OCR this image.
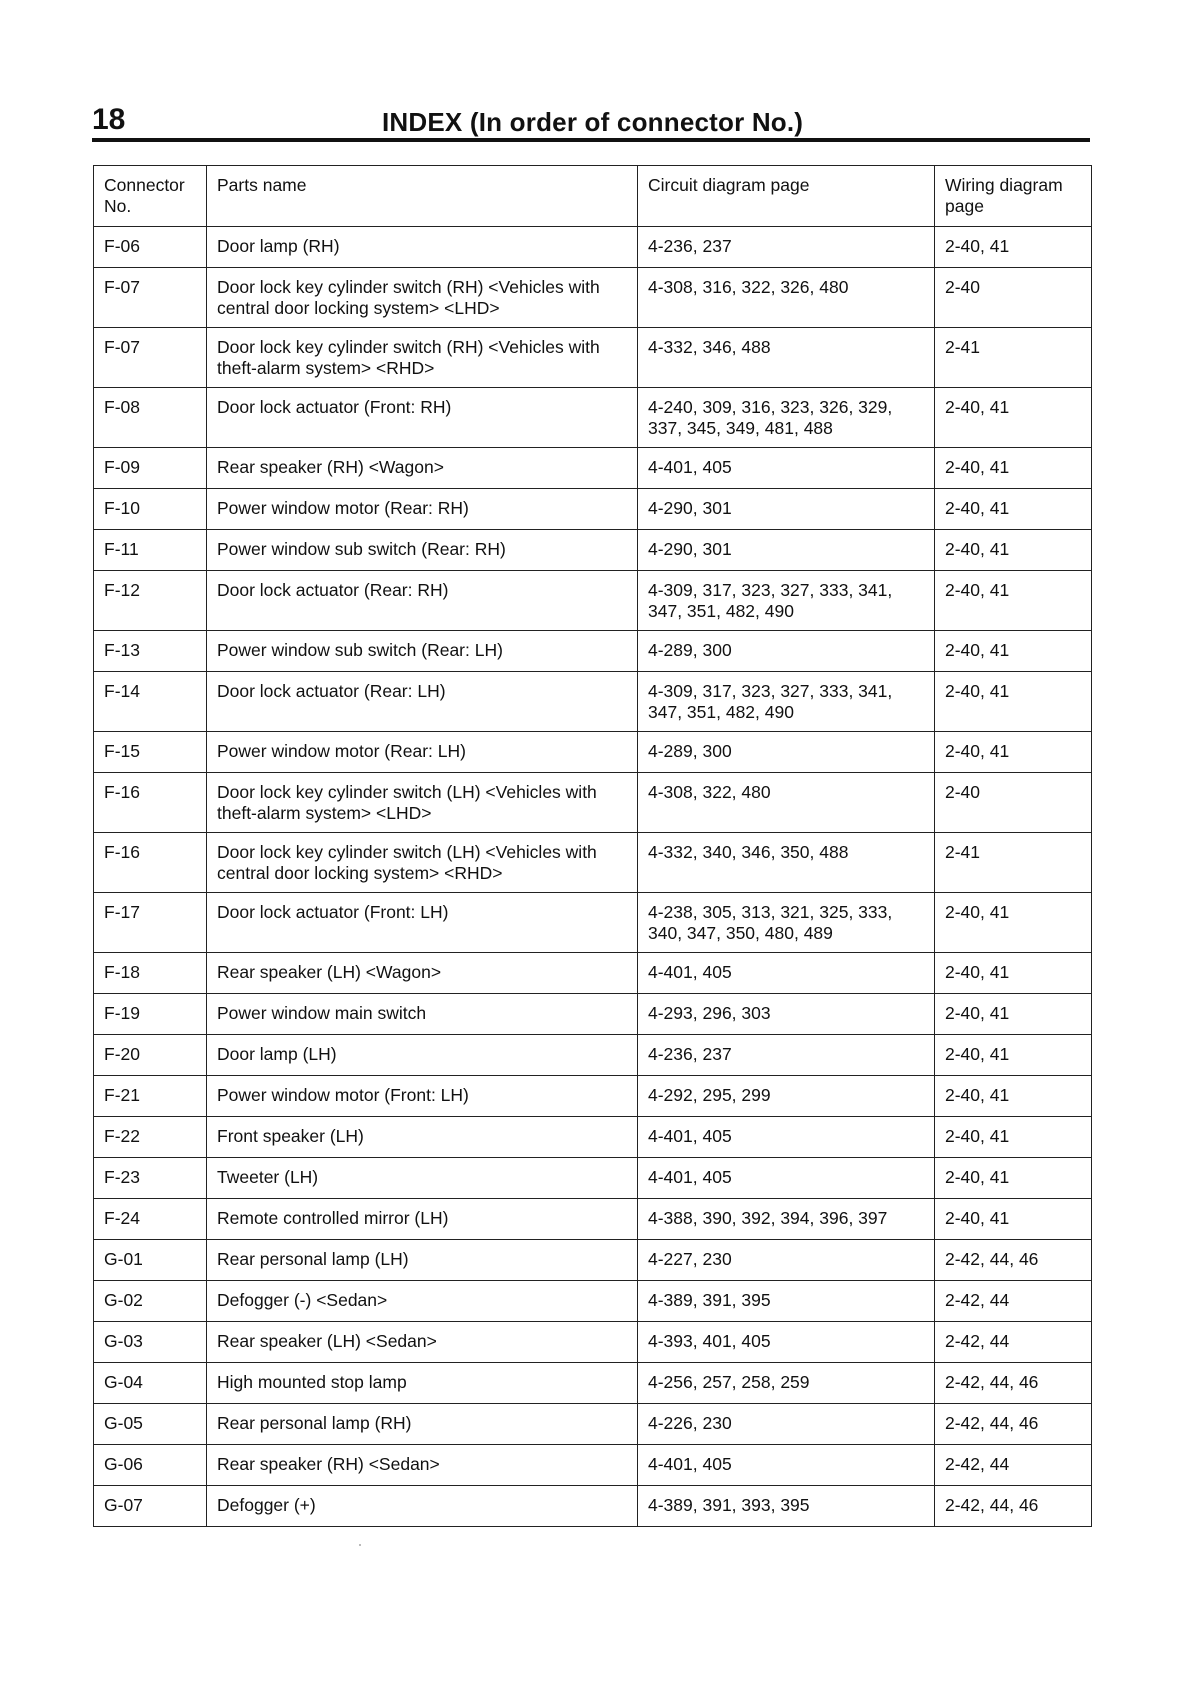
18	INDEX (In order of connector No.)
Connector No.	Parts name	Circuit diagram page	Wiring diagram page
F-06	Door lamp (RH)	4-236, 237	2-40, 41
F-07	Door lock key cylinder switch (RH) <Vehicles with central door locking system> <LHD>	4-308, 316, 322, 326, 480	2-40
F-07	Door lock key cylinder switch (RH) <Vehicles with theft-alarm system> <RHD>	4-332, 346, 488	2-41
F-08	Door lock actuator (Front: RH)	4-240, 309, 316, 323, 326, 329, 337, 345, 349, 481, 488	2-40, 41
F-09	Rear speaker (RH) <Wagon>	4-401, 405	2-40, 41
F-10	Power window motor (Rear: RH)	4-290, 301	2-40, 41
F-11	Power window sub switch (Rear: RH)	4-290, 301	2-40, 41
F-12	Door lock actuator (Rear: RH)	4-309, 317, 323, 327, 333, 341, 347, 351, 482, 490	2-40, 41
F-13	Power window sub switch (Rear: LH)	4-289, 300	2-40, 41
F-14	Door lock actuator (Rear: LH)	4-309, 317, 323, 327, 333, 341, 347, 351, 482, 490	2-40, 41
F-15	Power window motor (Rear: LH)	4-289, 300	2-40, 41
F-16	Door lock key cylinder switch (LH) <Vehicles with theft-alarm system> <LHD>	4-308, 322, 480	2-40
F-16	Door lock key cylinder switch (LH) <Vehicles with central door locking system> <RHD>	4-332, 340, 346, 350, 488	2-41
F-17	Door lock actuator (Front: LH)	4-238, 305, 313, 321, 325, 333, 340, 347, 350, 480, 489	2-40, 41
F-18	Rear speaker (LH) <Wagon>	4-401, 405	2-40, 41
F-19	Power window main switch	4-293, 296, 303	2-40, 41
F-20	Door lamp (LH)	4-236, 237	2-40, 41
F-21	Power window motor (Front: LH)	4-292, 295, 299	2-40, 41
F-22	Front speaker (LH)	4-401, 405	2-40, 41
F-23	Tweeter (LH)	4-401, 405	2-40, 41
F-24	Remote controlled mirror (LH)	4-388, 390, 392, 394, 396, 397	2-40, 41
G-01	Rear personal lamp (LH)	4-227, 230	2-42, 44, 46
G-02	Defogger (-) <Sedan>	4-389, 391, 395	2-42, 44
G-03	Rear speaker (LH) <Sedan>	4-393, 401, 405	2-42, 44
G-04	High mounted stop lamp	4-256, 257, 258, 259	2-42, 44, 46
G-05	Rear personal lamp (RH)	4-226, 230	2-42, 44, 46
G-06	Rear speaker (RH) <Sedan>	4-401, 405	2-42, 44
G-07	Defogger (+)	4-389, 391, 393, 395	2-42, 44, 46
